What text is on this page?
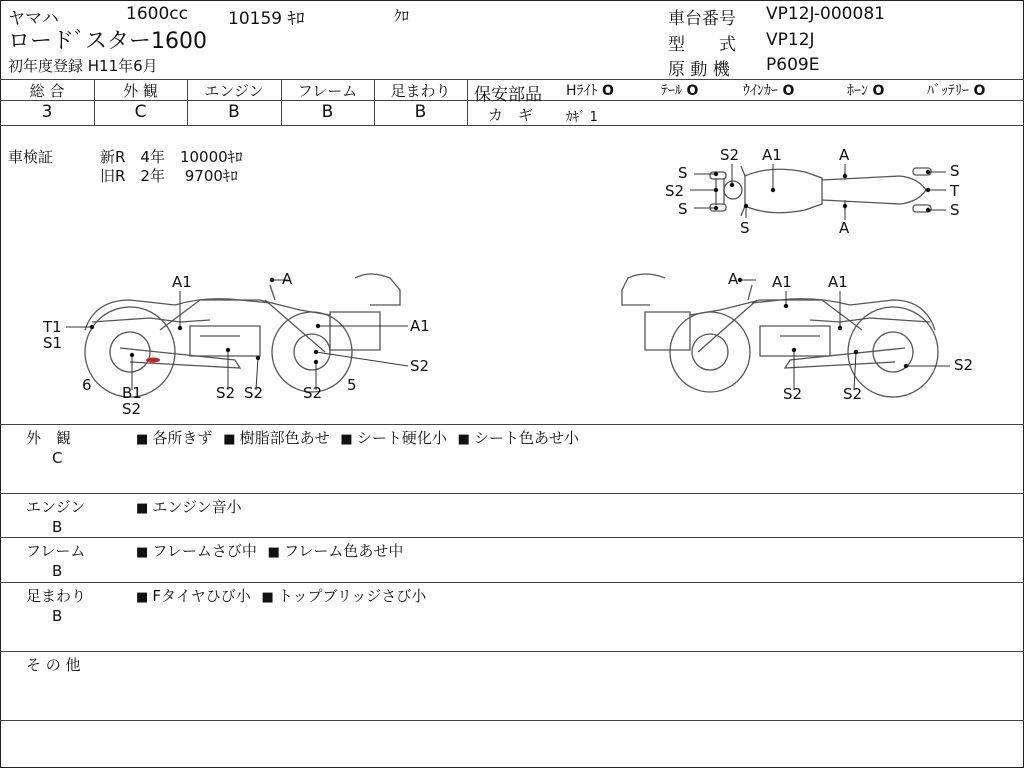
ヤマハ	1600cc 10159 ｷﾛ	ｸﾛ
ロードﾞスター1600
初年度登録 H11年6月
車台番号 VP12J-000081
型　　式 VP12J
原 動 機 P609E
総 合	外 観	エンジン	フレーム	足まわり
3	C	B	B	B
保安部品 Hﾗｲﾄ O	ﾃｰﾙ O	ｳｲﾝｶｰ O	ﾎｰﾝ O	ﾊﾞｯﾃﾘｰ O
カ　ギ	ｶｷﾞ 1
車検証	新R　4年　10000ｷﾛ
旧R　2年　 9700ｷﾛ
S2 A1	A
S
S2
S
S
T
S
S
A
A1	A
T1
S1
A1
S2
6 B1
S2
S2 S2	S2 5
A A1 A1
S2
S2	S2
外　観
C
■ 各所きず ■ 樹脂部色あせ ■ シート硬化小 ■ シート色あせ小
エンジン
B
■ エンジン音小
フレーム
B
■ フレームさび中 ■ フレーム色あせ中
足まわり
B
■ Fタイヤひび小 ■ トップブリッジさび小
そ の 他
